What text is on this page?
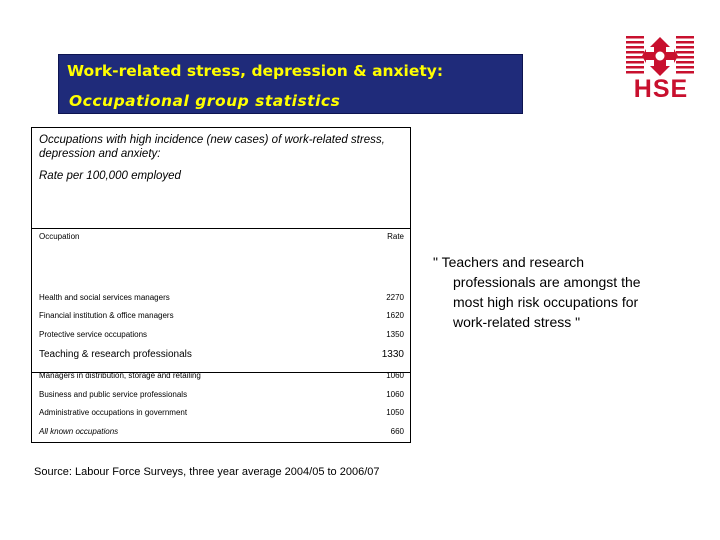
Work-related stress, depression & anxiety:
Occupational group statistics	HSE
Occupations with high incidence (new cases) of work-related stress, depression and anxiety:
Rate per 100,000 employed
Occupation	Rate
Health and social services managers	2270
Financial institution & office managers	1620
Protective service occupations	1350
Teaching & research professionals	1330
Managers in distribution, storage and retailing	1060
Business and public service professionals	1060
Administrative occupations in government	1050
All known occupations	660
Source: Labour Force Surveys, three year average 2004/05 to 2006/07
" Teachers and research
professionals are amongst the
most high risk occupations for
work-related stress "
